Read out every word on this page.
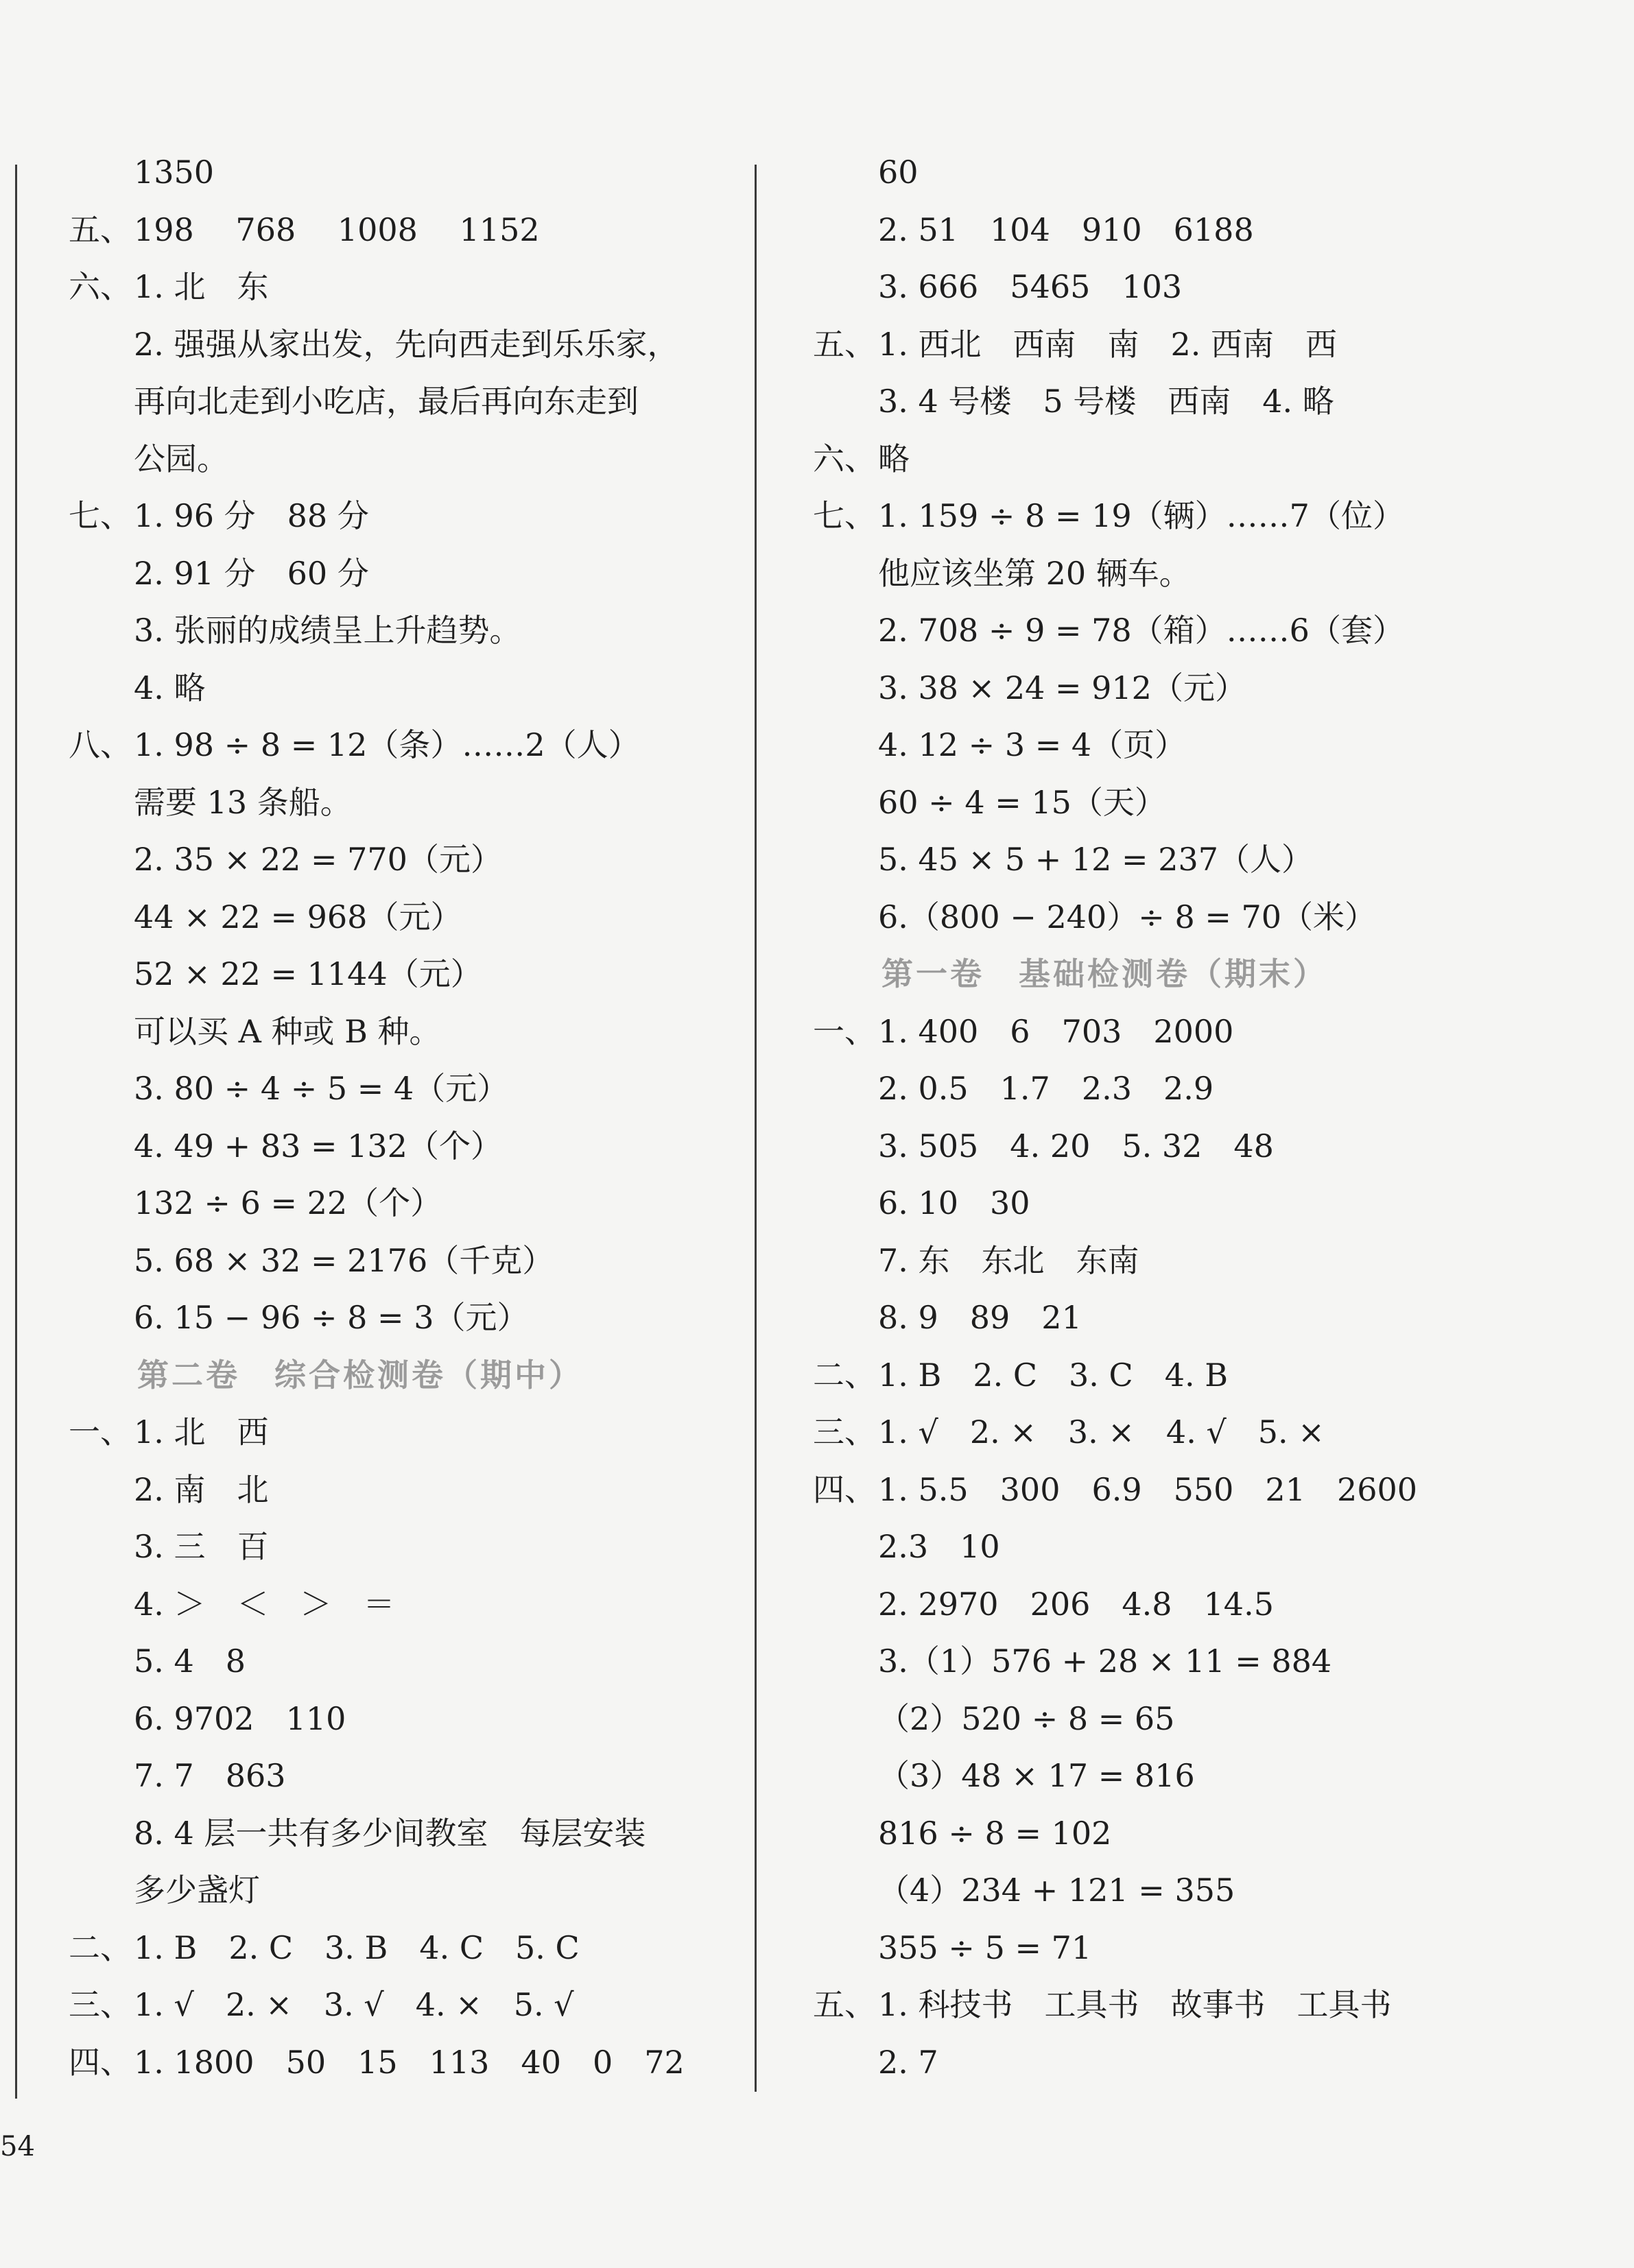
1350
五、 198　 768　 1008　 1152
六、 1. 北　东
2. 强强从家出发，先向西走到乐乐家，
再向北走到小吃店，最后再向东走到
公园。
七、 1. 96 分　88 分
2. 91 分　60 分
3. 张丽的成绩呈上升趋势。
4. 略
八、 1. 98 ÷ 8 = 12（条）……2（人）
需要 13 条船。
2. 35 × 22 = 770（元）
44 × 22 = 968（元）
52 × 22 = 1144（元）
可以买 A 种或 B 种。
3. 80 ÷ 4 ÷ 5 = 4（元）
4. 49 + 83 = 132（个）
132 ÷ 6 = 22（个）
5. 68 × 32 = 2176（千克）
6. 15 − 96 ÷ 8 = 3（元）
第二卷　综合检测卷（期中）
一、 1. 北　西
2. 南　北
3. 三　百
4. ＞　＜　＞　＝
5. 4　8
6. 9702　110
7. 7　863
8. 4 层一共有多少间教室　每层安装
多少盏灯
二、 1. B　2. C　3. B　4. C　5. C
三、 1. √　2. ×　3. √　4. ×　5. √
四、 1. 1800　50　15　113　40　0　72
60
2. 51　104　910　6188
3. 666　5465　103
五、 1. 西北　西南　南　2. 西南　西
3. 4 号楼　5 号楼　西南　4. 略
六、 略
七、 1. 159 ÷ 8 = 19（辆）……7（位）
他应该坐第 20 辆车。
2. 708 ÷ 9 = 78（箱）……6（套）
3. 38 × 24 = 912（元）
4. 12 ÷ 3 = 4（页）
60 ÷ 4 = 15（天）
5. 45 × 5 + 12 = 237（人）
6.（800 − 240）÷ 8 = 70（米）
第一卷　基础检测卷（期末）
一、 1. 400　6　703　2000
2. 0.5　1.7　2.3　2.9
3. 505　4. 20　5. 32　48
6. 10　30
7. 东　东北　东南
8. 9　89　21
二、 1. B　2. C　3. C　4. B
三、 1. √　2. ×　3. ×　4. √　5. ×
四、 1. 5.5　300　6.9　550　21　2600
2.3　10
2. 2970　206　4.8　14.5
3.（1）576 + 28 × 11 = 884
（2）520 ÷ 8 = 65
（3）48 × 17 = 816
816 ÷ 8 = 102
（4）234 + 121 = 355
355 ÷ 5 = 71
五、 1. 科技书　工具书　故事书　工具书
2. 7
54
